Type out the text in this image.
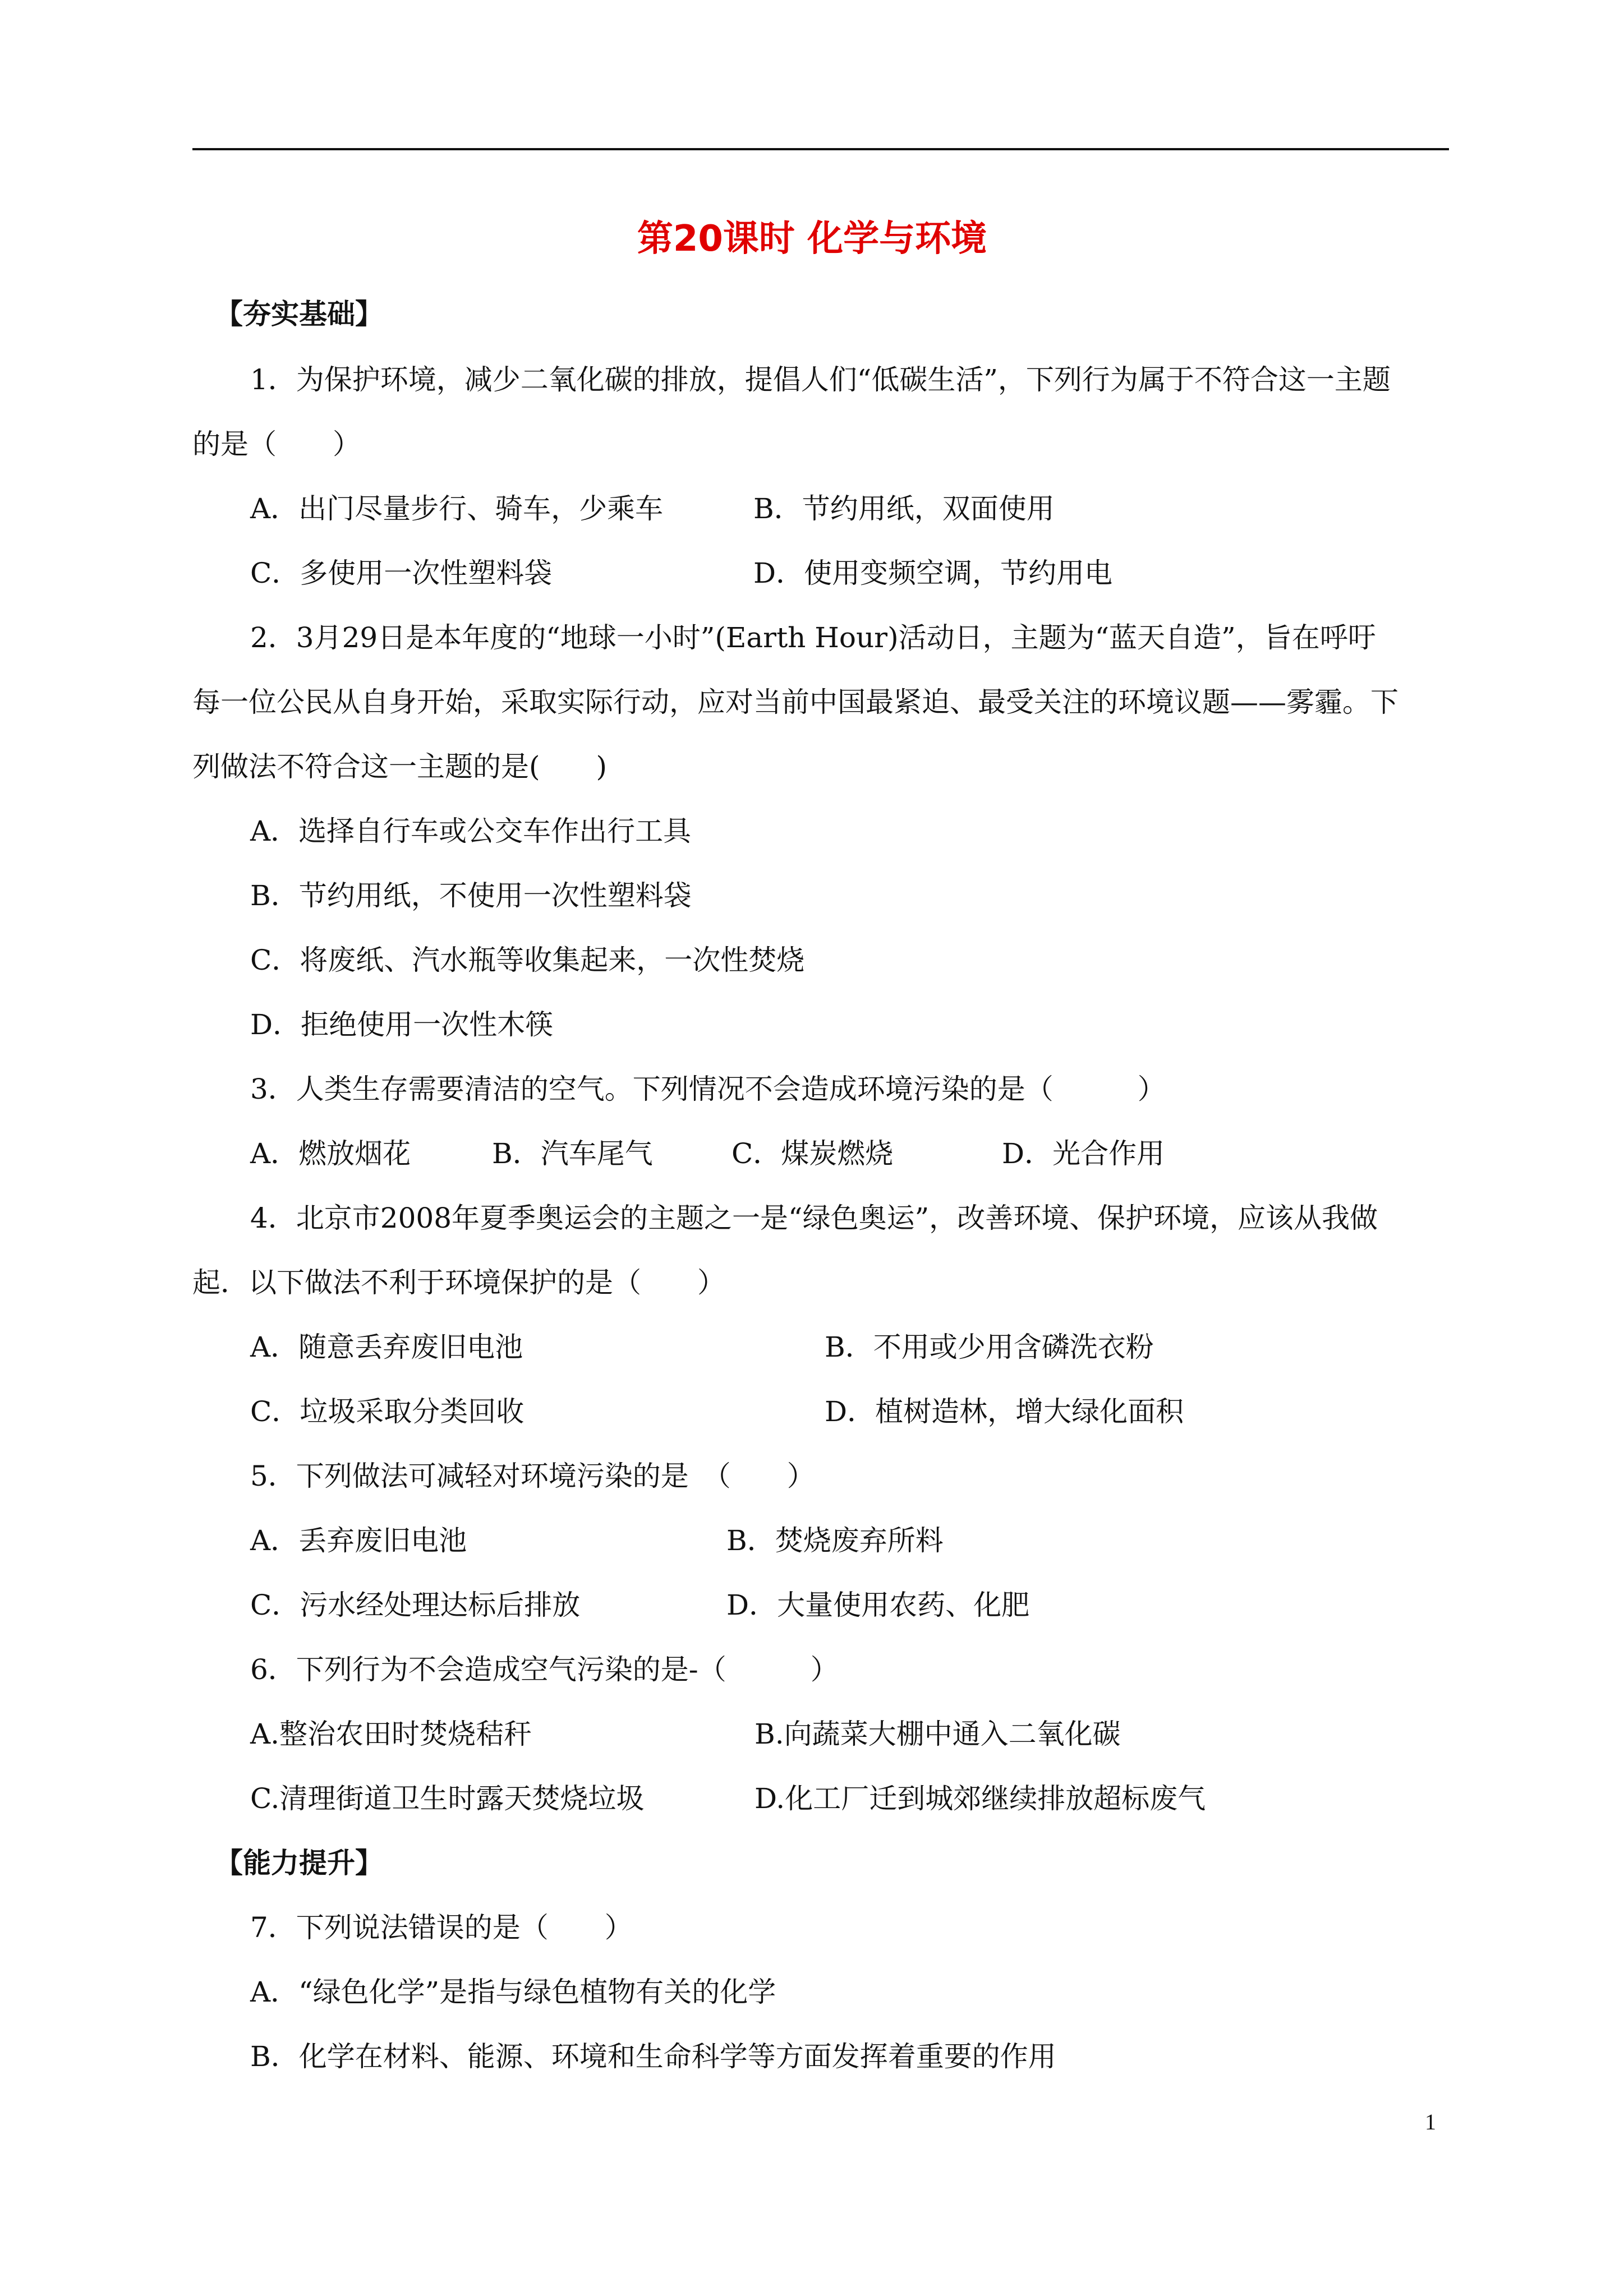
第20课时 化学与环境
【夯实基础】
1．为保护环境，减少二氧化碳的排放，提倡人们“低碳生活”，下列行为属于不符合这一主题
的是（　　）
A．出门尽量步行、骑车，少乘车	B．节约用纸，双面使用
C．多使用一次性塑料袋	D．使用变频空调，节约用电
2．3月29日是本年度的“地球一小时”(Earth Hour)活动日，主题为“蓝天自造”，旨在呼吁
每一位公民从自身开始，采取实际行动，应对当前中国最紧迫、最受关注的环境议题——雾霾。下
列做法不符合这一主题的是(　　)
A．选择自行车或公交车作出行工具
B．节约用纸，不使用一次性塑料袋
C．将废纸、汽水瓶等收集起来，一次性焚烧
D．拒绝使用一次性木筷
3．人类生存需要清洁的空气。下列情况不会造成环境污染的是（　　　）
A．燃放烟花	B．汽车尾气	C．煤炭燃烧	D．光合作用
4．北京市2008年夏季奥运会的主题之一是“绿色奥运”，改善环境、保护环境，应该从我做
起．以下做法不利于环境保护的是（　　）
A．随意丢弃废旧电池	B．不用或少用含磷洗衣粉
C．垃圾采取分类回收	D．植树造林，增大绿化面积
5．下列做法可减轻对环境污染的是　（　　）
A．丢弃废旧电池	B．焚烧废弃所料
C．污水经处理达标后排放	D．大量使用农药、化肥
6．下列行为不会造成空气污染的是-（　　　）
A.整治农田时焚烧秸秆	B.向蔬菜大棚中通入二氧化碳
C.清理街道卫生时露天焚烧垃圾	D.化工厂迁到城郊继续排放超标废气
【能力提升】
7．下列说法错误的是（　　）
A．“绿色化学”是指与绿色植物有关的化学
B．化学在材料、能源、环境和生命科学等方面发挥着重要的作用
1
